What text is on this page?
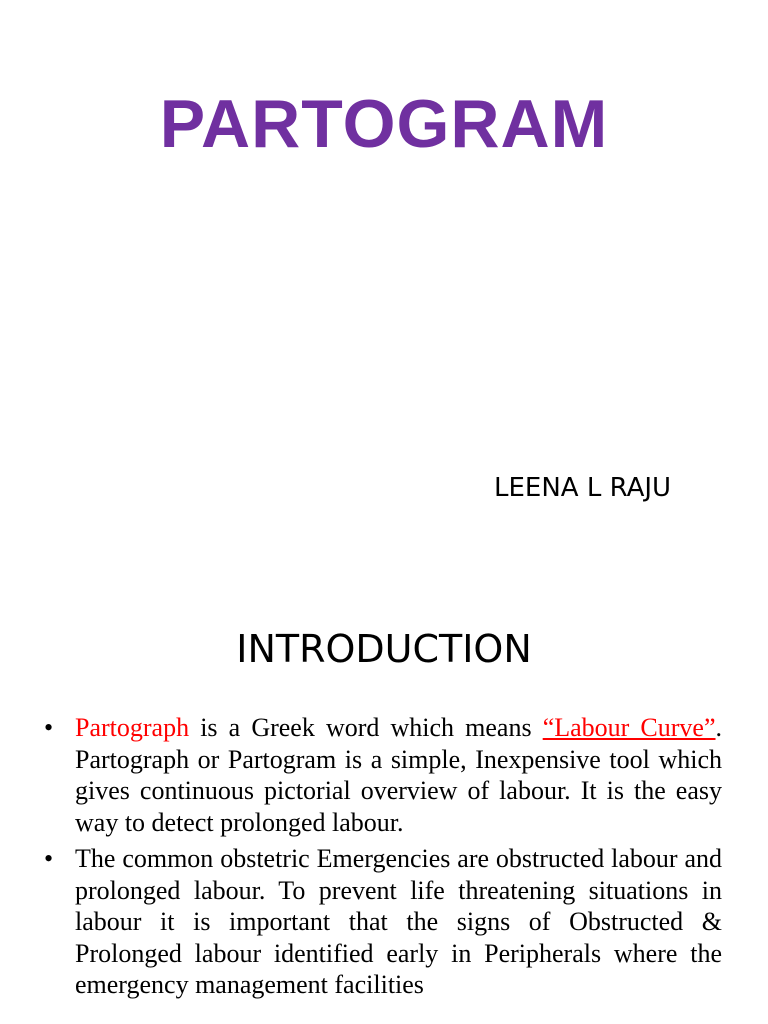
PARTOGRAM
LEENA L RAJU
INTRODUCTION
• Partograph is a Greek word which means “Labour Curve”. Partograph or Partogram is a simple, Inexpensive tool which gives continuous pictorial overview of labour. It is the easy way to detect prolonged labour.
• The common obstetric Emergencies are obstructed labour and prolonged labour. To prevent life threatening situations in labour it is important that the signs of Obstructed & Prolonged labour identified early in Peripherals where the emergency management facilities
